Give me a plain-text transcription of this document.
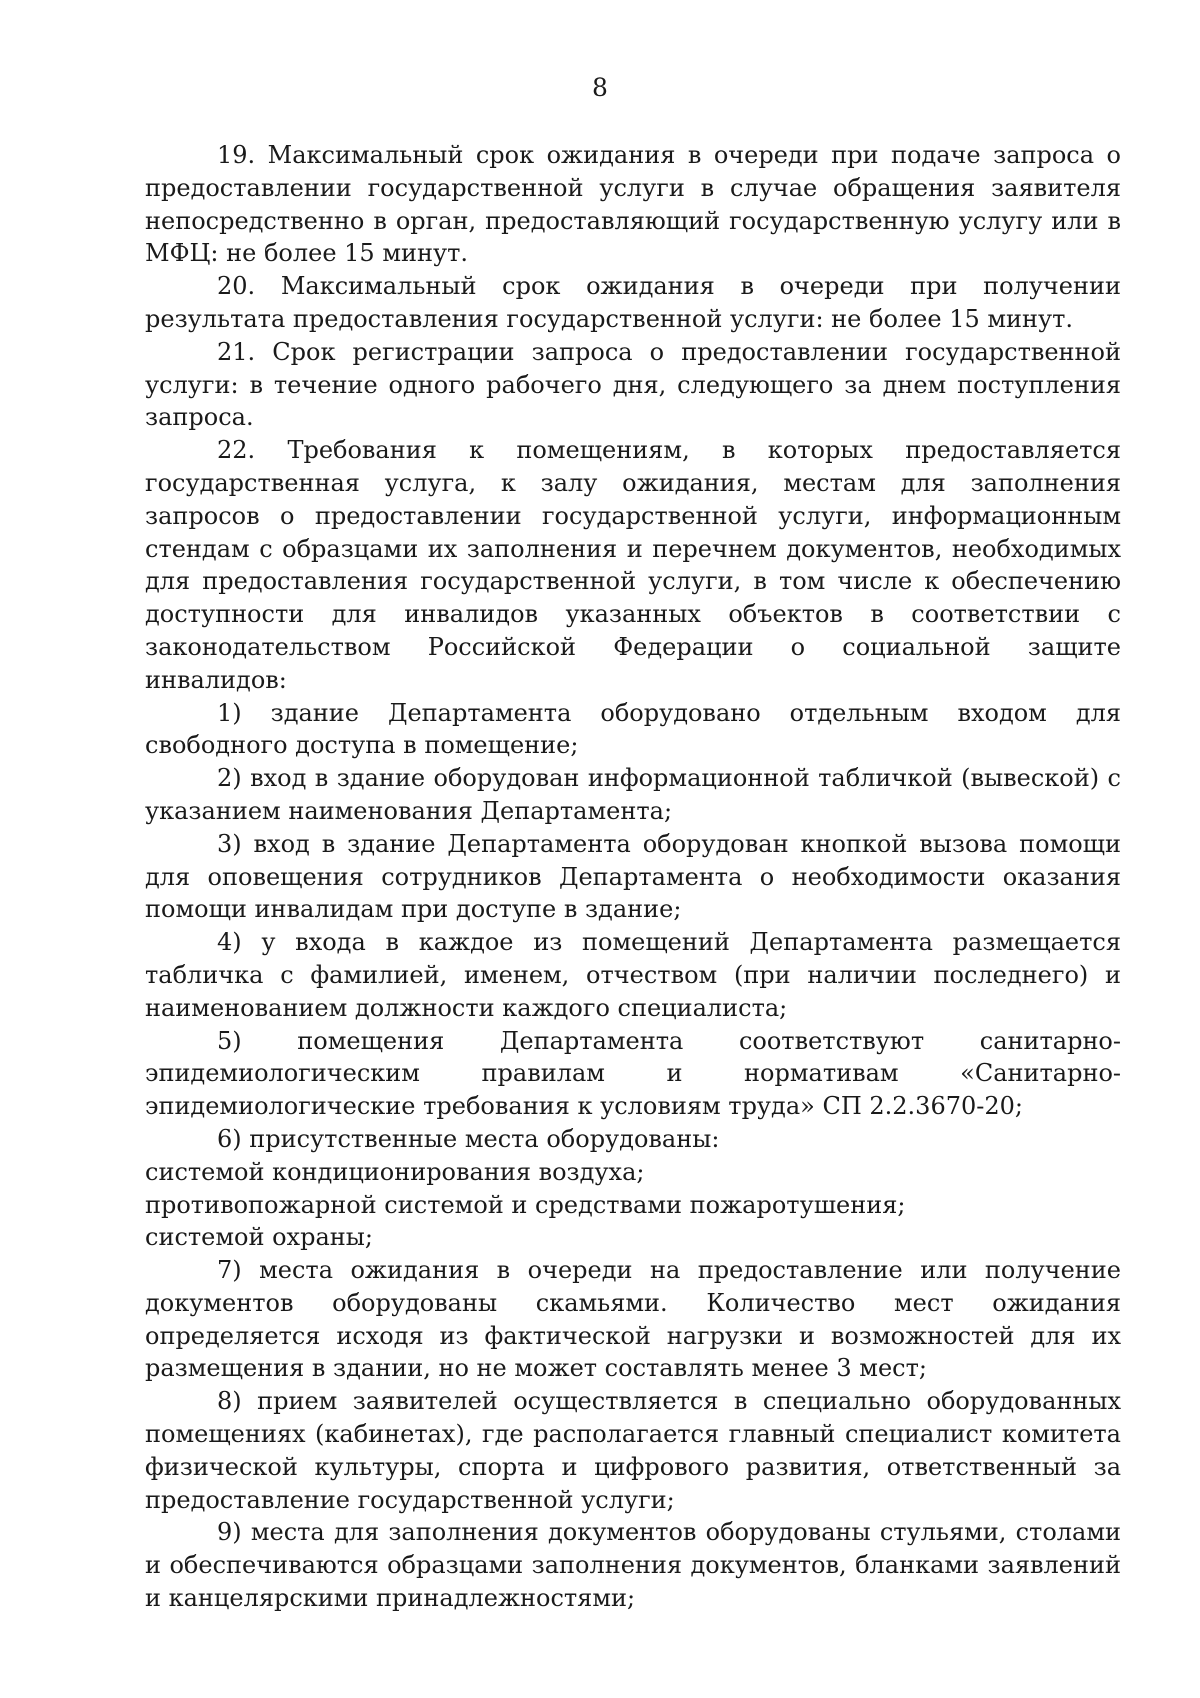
8

19. Максимальный срок ожидания в очереди при подаче запроса о предоставлении государственной услуги в случае обращения заявителя непосредственно в орган, предоставляющий государственную услугу или в МФЦ: не более 15 минут.

20. Максимальный срок ожидания в очереди при получении результата предоставления государственной услуги: не более 15 минут.

21. Срок регистрации запроса о предоставлении государственной услуги: в течение одного рабочего дня, следующего за днем поступления запроса.

22. Требования к помещениям, в которых предоставляется государственная услуга, к залу ожидания, местам для заполнения запросов о предоставлении государственной услуги, информационным стендам с образцами их заполнения и перечнем документов, необходимых для предоставления государственной услуги, в том числе к обеспечению доступности для инвалидов указанных объектов в соответствии с законодательством Российской Федерации о социальной защите инвалидов:

1) здание Департамента оборудовано отдельным входом для свободного доступа в помещение;

2) вход в здание оборудован информационной табличкой (вывеской) с указанием наименования Департамента;

3) вход в здание Департамента оборудован кнопкой вызова помощи для оповещения сотрудников Департамента о необходимости оказания помощи инвалидам при доступе в здание;

4) у входа в каждое из помещений Департамента размещается табличка с фамилией, именем, отчеством (при наличии последнего) и наименованием должности каждого специалиста;

5) помещения Департамента соответствуют санитарно-эпидемиологическим правилам и нормативам «Санитарно-эпидемиологические требования к условиям труда» СП 2.2.3670-20;

6) присутственные места оборудованы:

системой кондиционирования воздуха;

противопожарной системой и средствами пожаротушения;

системой охраны;

7) места ожидания в очереди на предоставление или получение документов оборудованы скамьями. Количество мест ожидания определяется исходя из фактической нагрузки и возможностей для их размещения в здании, но не может составлять менее 3 мест;

8) прием заявителей осуществляется в специально оборудованных помещениях (кабинетах), где располагается главный специалист комитета физической культуры, спорта и цифрового развития, ответственный за предоставление государственной услуги;

9) места для заполнения документов оборудованы стульями, столами и обеспечиваются образцами заполнения документов, бланками заявлений и канцелярскими принадлежностями;
